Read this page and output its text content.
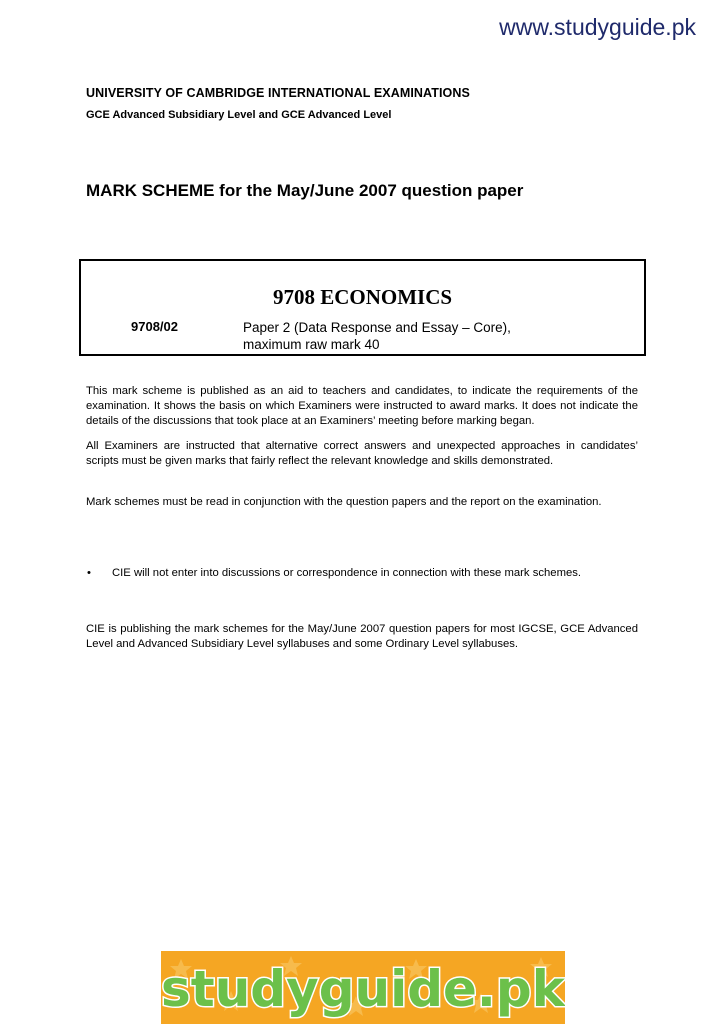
www.studyguide.pk
UNIVERSITY OF CAMBRIDGE INTERNATIONAL EXAMINATIONS
GCE Advanced Subsidiary Level and GCE Advanced Level
MARK SCHEME for the May/June 2007 question paper
9708 ECONOMICS
9708/02	Paper 2 (Data Response and Essay – Core),
maximum raw mark 40
This mark scheme is published as an aid to teachers and candidates, to indicate the requirements of the examination. It shows the basis on which Examiners were instructed to award marks. It does not indicate the details of the discussions that took place at an Examiners’ meeting before marking began.
All Examiners are instructed that alternative correct answers and unexpected approaches in candidates’ scripts must be given marks that fairly reflect the relevant knowledge and skills demonstrated.
Mark schemes must be read in conjunction with the question papers and the report on the examination.
• CIE will not enter into discussions or correspondence in connection with these mark schemes.
CIE is publishing the mark schemes for the May/June 2007 question papers for most IGCSE, GCE Advanced Level and Advanced Subsidiary Level syllabuses and some Ordinary Level syllabuses.
studyguide.pk
